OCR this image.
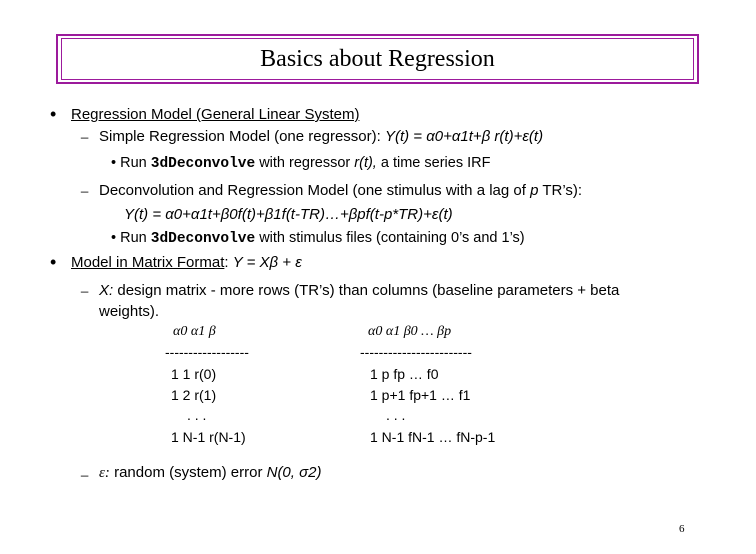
Basics about Regression
• Regression Model (General Linear System)
_ Simple Regression Model (one regressor): Y(t) = α0+α1t+β r(t)+ε(t)
• Run 3dDeconvolve with regressor r(t), a time series IRF
_ Deconvolution and Regression Model (one stimulus with a lag of p TR’s):
Y(t) = α0+α1t+β0f(t)+β1f(t-TR)…+βpf(t-p*TR)+ε(t)
• Run 3dDeconvolve with stimulus files (containing 0’s and 1’s)
• Model in Matrix Format: Y = Xβ + ε
_ X: design matrix - more rows (TR’s) than columns (baseline parameters + beta
weights).
α0 α1 β
------------------
1 1 r(0)
1 2 r(1)
. . .
1 N-1 r(N-1)
α0 α1 β0 … βp
------------------------
1 p fp … f0
1 p+1 fp+1 … f1
. . .
1 N-1 fN-1 … fN-p-1
_ ε: random (system) error N(0, σ2)
6
